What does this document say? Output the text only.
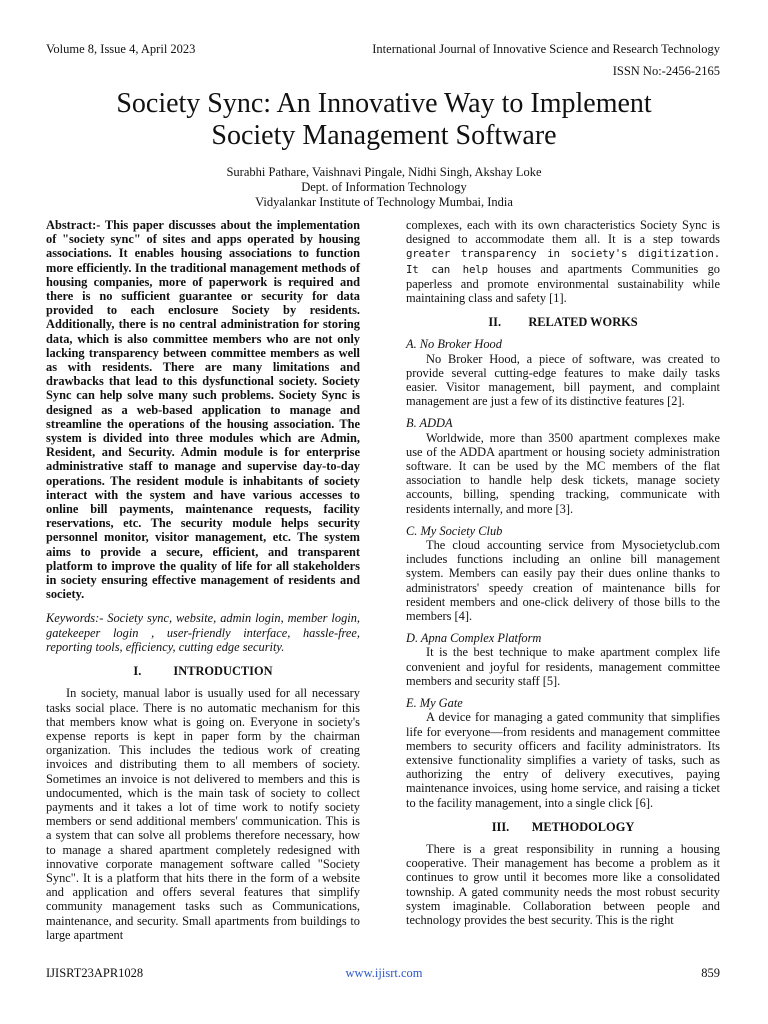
Volume 8, Issue 4, April 2023	International Journal of Innovative Science and Research Technology
ISSN No:-2456-2165
Society Sync: An Innovative Way to Implement
Society Management Software
Surabhi Pathare, Vaishnavi Pingale, Nidhi Singh, Akshay Loke
Dept. of Information Technology
Vidyalankar Institute of Technology Mumbai, India

Abstract:- This paper discusses about the implementation of "society sync" of sites and apps operated by housing associations. It enables housing associations to function more efficiently. In the traditional management methods of housing companies, more of paperwork is required and there is no sufficient guarantee or security for data provided to each enclosure Society by residents. Additionally, there is no central administration for storing data, which is also committee members who are not only lacking transparency between committee members as well as with residents. There are many limitations and drawbacks that lead to this dysfunctional society. Society Sync can help solve many such problems. Society Sync is designed as a web-based application to manage and streamline the operations of the housing association. The system is divided into three modules which are Admin, Resident, and Security. Admin module is for enterprise administrative staff to manage and supervise day-to-day operations. The resident module is inhabitants of society interact with the system and have various accesses to online bill payments, maintenance requests, facility reservations, etc. The security module helps security personnel monitor, visitor management, etc. The system aims to provide a secure, efficient, and transparent platform to improve the quality of life for all stakeholders in society ensuring effective management of residents and society.

Keywords:- Society sync, website, admin login, member login, gatekeeper login , user-friendly interface, hassle-free, reporting tools, efficiency, cutting edge security.

I.	INTRODUCTION

In society, manual labor is usually used for all necessary tasks social place. There is no automatic mechanism for this that members know what is going on. Everyone in society's expense reports is kept in paper form by the chairman organization. This includes the tedious work of creating invoices and distributing them to all members of society. Sometimes an invoice is not delivered to members and this is undocumented, which is the main task of society to collect payments and it takes a lot of time work to notify society members or send additional members' communication. This is a system that can solve all problems therefore necessary, how to manage a shared apartment completely redesigned with innovative corporate management software called "Society Sync". It is a platform that hits there in the form of a website and application and offers several features that simplify community management tasks such as Communications, maintenance, and security. Small apartments from buildings to large apartment

complexes, each with its own characteristics Society Sync is designed to accommodate them all. It is a step towards greater transparency in society's digitization. It can help houses and apartments Communities go paperless and promote environmental sustainability while maintaining class and safety [1].

II. RELATED WORKS
A. No Broker Hood

No Broker Hood, a piece of software, was created to provide several cutting-edge features to make daily tasks easier. Visitor management, bill payment, and complaint management are just a few of its distinctive features [2].

B. ADDA

Worldwide, more than 3500 apartment complexes make use of the ADDA apartment or housing society administration software. It can be used by the MC members of the flat association to handle help desk tickets, manage society accounts, billing, spending tracking, communicate with residents internally, and more [3].

C. My Society Club

The cloud accounting service from Mysocietyclub.com includes functions including an online bill management system. Members can easily pay their dues online thanks to administrators' speedy creation of maintenance bills for resident members and one-click delivery of those bills to the members [4].

D. Apna Complex Platform

It is the best technique to make apartment complex life convenient and joyful for residents, management committee members and security staff [5].

E. My Gate

A device for managing a gated community that simplifies life for everyone―from residents and management committee members to security officers and facility administrators. Its extensive functionality simplifies a variety of tasks, such as authorizing the entry of delivery executives, paying maintenance invoices, using home service, and raising a ticket to the facility management, into a single click [6].

III. METHODOLOGY

There is a great responsibility in running a housing cooperative. Their management has become a problem as it continues to grow until it becomes more like a consolidated township. A gated community needs the most robust security system imaginable. Collaboration between people and technology provides the best security. This is the right

IJISRT23APR1028	www.ijisrt.com	859
